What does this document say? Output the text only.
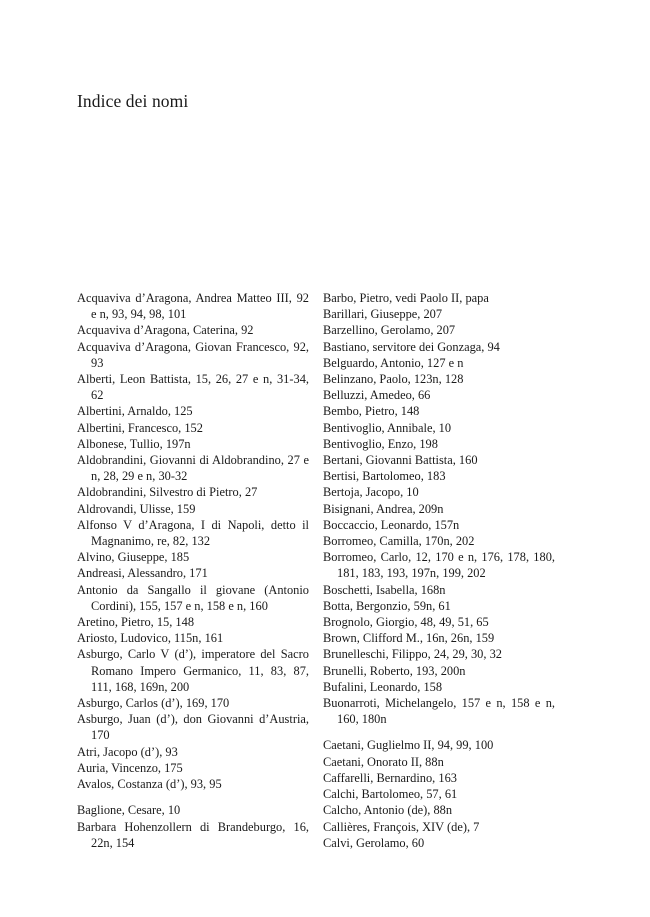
Indice dei nomi

Acquaviva d’Aragona, Andrea Matteo III, 92 e n, 93, 94, 98, 101

Acquaviva d’Aragona, Caterina, 92

Acquaviva d’Aragona, Giovan Francesco, 92, 93

Alberti, Leon Battista, 15, 26, 27 e n, 31-34, 62

Albertini, Arnaldo, 125

Albertini, Francesco, 152

Albonese, Tullio, 197n

Aldobrandini, Giovanni di Aldobrandino, 27 e n, 28, 29 e n, 30-32

Aldobrandini, Silvestro di Pietro, 27

Aldrovandi, Ulisse, 159

Alfonso V d’Aragona, I di Napoli, detto il Magnanimo, re, 82, 132

Alvino, Giuseppe, 185

Andreasi, Alessandro, 171

Antonio da Sangallo il giovane (Antonio Cordini), 155, 157 e n, 158 e n, 160

Aretino, Pietro, 15, 148

Ariosto, Ludovico, 115n, 161

Asburgo, Carlo V (d’), imperatore del Sacro Romano Impero Germanico, 11, 83, 87, 111, 168, 169n, 200

Asburgo, Carlos (d’), 169, 170

Asburgo, Juan (d’), don Giovanni d’Austria, 170

Atri, Jacopo (d’), 93

Auria, Vincenzo, 175

Avalos, Costanza (d’), 93, 95

Baglione, Cesare, 10

Barbara Hohenzollern di Brandeburgo, 16, 22n, 154

Barbo, Pietro, vedi Paolo II, papa

Barillari, Giuseppe, 207

Barzellino, Gerolamo, 207

Bastiano, servitore dei Gonzaga, 94

Belguardo, Antonio, 127 e n

Belinzano, Paolo, 123n, 128

Belluzzi, Amedeo, 66

Bembo, Pietro, 148

Bentivoglio, Annibale, 10

Bentivoglio, Enzo, 198

Bertani, Giovanni Battista, 160

Bertisi, Bartolomeo, 183

Bertoja, Jacopo, 10

Bisignani, Andrea, 209n

Boccaccio, Leonardo, 157n

Borromeo, Camilla, 170n, 202

Borromeo, Carlo, 12, 170 e n, 176, 178, 180, 181, 183, 193, 197n, 199, 202

Boschetti, Isabella, 168n

Botta, Bergonzio, 59n, 61

Brognolo, Giorgio, 48, 49, 51, 65

Brown, Clifford M., 16n, 26n, 159

Brunelleschi, Filippo, 24, 29, 30, 32

Brunelli, Roberto, 193, 200n

Bufalini, Leonardo, 158

Buonarroti, Michelangelo, 157 e n, 158 e n, 160, 180n

Caetani, Guglielmo II, 94, 99, 100

Caetani, Onorato II, 88n

Caffarelli, Bernardino, 163

Calchi, Bartolomeo, 57, 61

Calcho, Antonio (de), 88n

Callières, François, XIV (de), 7

Calvi, Gerolamo, 60
